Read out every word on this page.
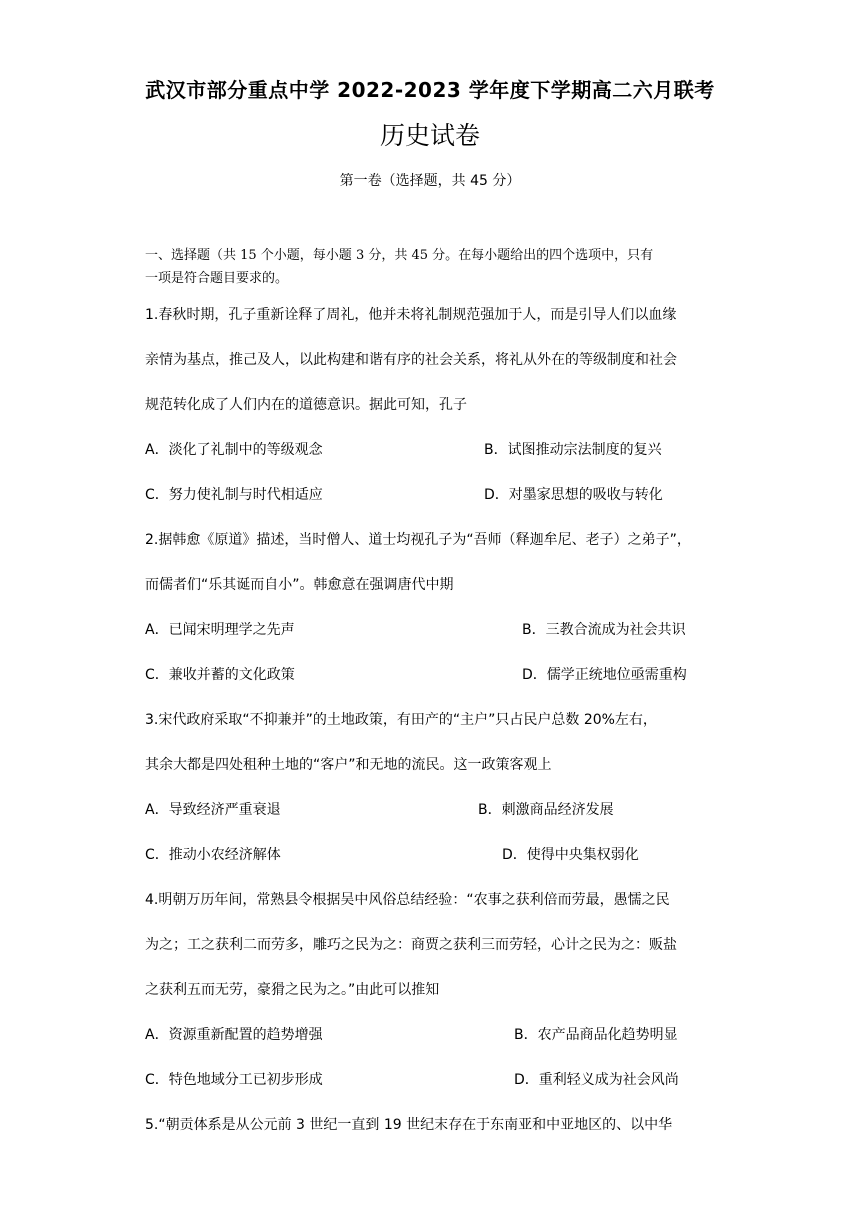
武汉市部分重点中学 2022-2023 学年度下学期高二六月联考
历史试卷
第一卷（选择题，共 45 分）
一、选择题（共 15 个小题，每小题 3 分，共 45 分。在每小题给出的四个选项中，只有
一项是符合题目要求的。
1.春秋时期，孔子重新诠释了周礼，他并未将礼制规范强加于人，而是引导人们以血缘
亲情为基点，推己及人，以此构建和谐有序的社会关系，将礼从外在的等级制度和社会
规范转化成了人们内在的道德意识。据此可知，孔子
A．淡化了礼制中的等级观念	B．试图推动宗法制度的复兴
C．努力使礼制与时代相适应	D．对墨家思想的吸收与转化
2.据韩愈《原道》描述，当时僧人、道士均视孔子为“吾师（释迦牟尼、老子）之弟子”，
而儒者们“乐其诞而自小”。韩愈意在强调唐代中期
A．已闻宋明理学之先声	B．三教合流成为社会共识
C．兼收并蓄的文化政策	D．儒学正统地位亟需重构
3.宋代政府采取“不抑兼并”的土地政策，有田产的“主户”只占民户总数 20%左右，
其余大都是四处租种土地的“客户”和无地的流民。这一政策客观上
A．导致经济严重衰退	B．刺激商品经济发展
C．推动小农经济解体	D．使得中央集权弱化
4.明朝万历年间，常熟县令根据吴中风俗总结经验：“农事之获利倍而劳最，愚懦之民
为之；工之获利二而劳多，雕巧之民为之：商贾之获利三而劳轻，心计之民为之：贩盐
之获利五而无劳，豪猾之民为之。”由此可以推知
A．资源重新配置的趋势增强	B．农产品商品化趋势明显
C．特色地域分工已初步形成	D．重利轻义成为社会风尚
5.“朝贡体系是从公元前 3 世纪一直到 19 世纪末存在于东南亚和中亚地区的、以中华
